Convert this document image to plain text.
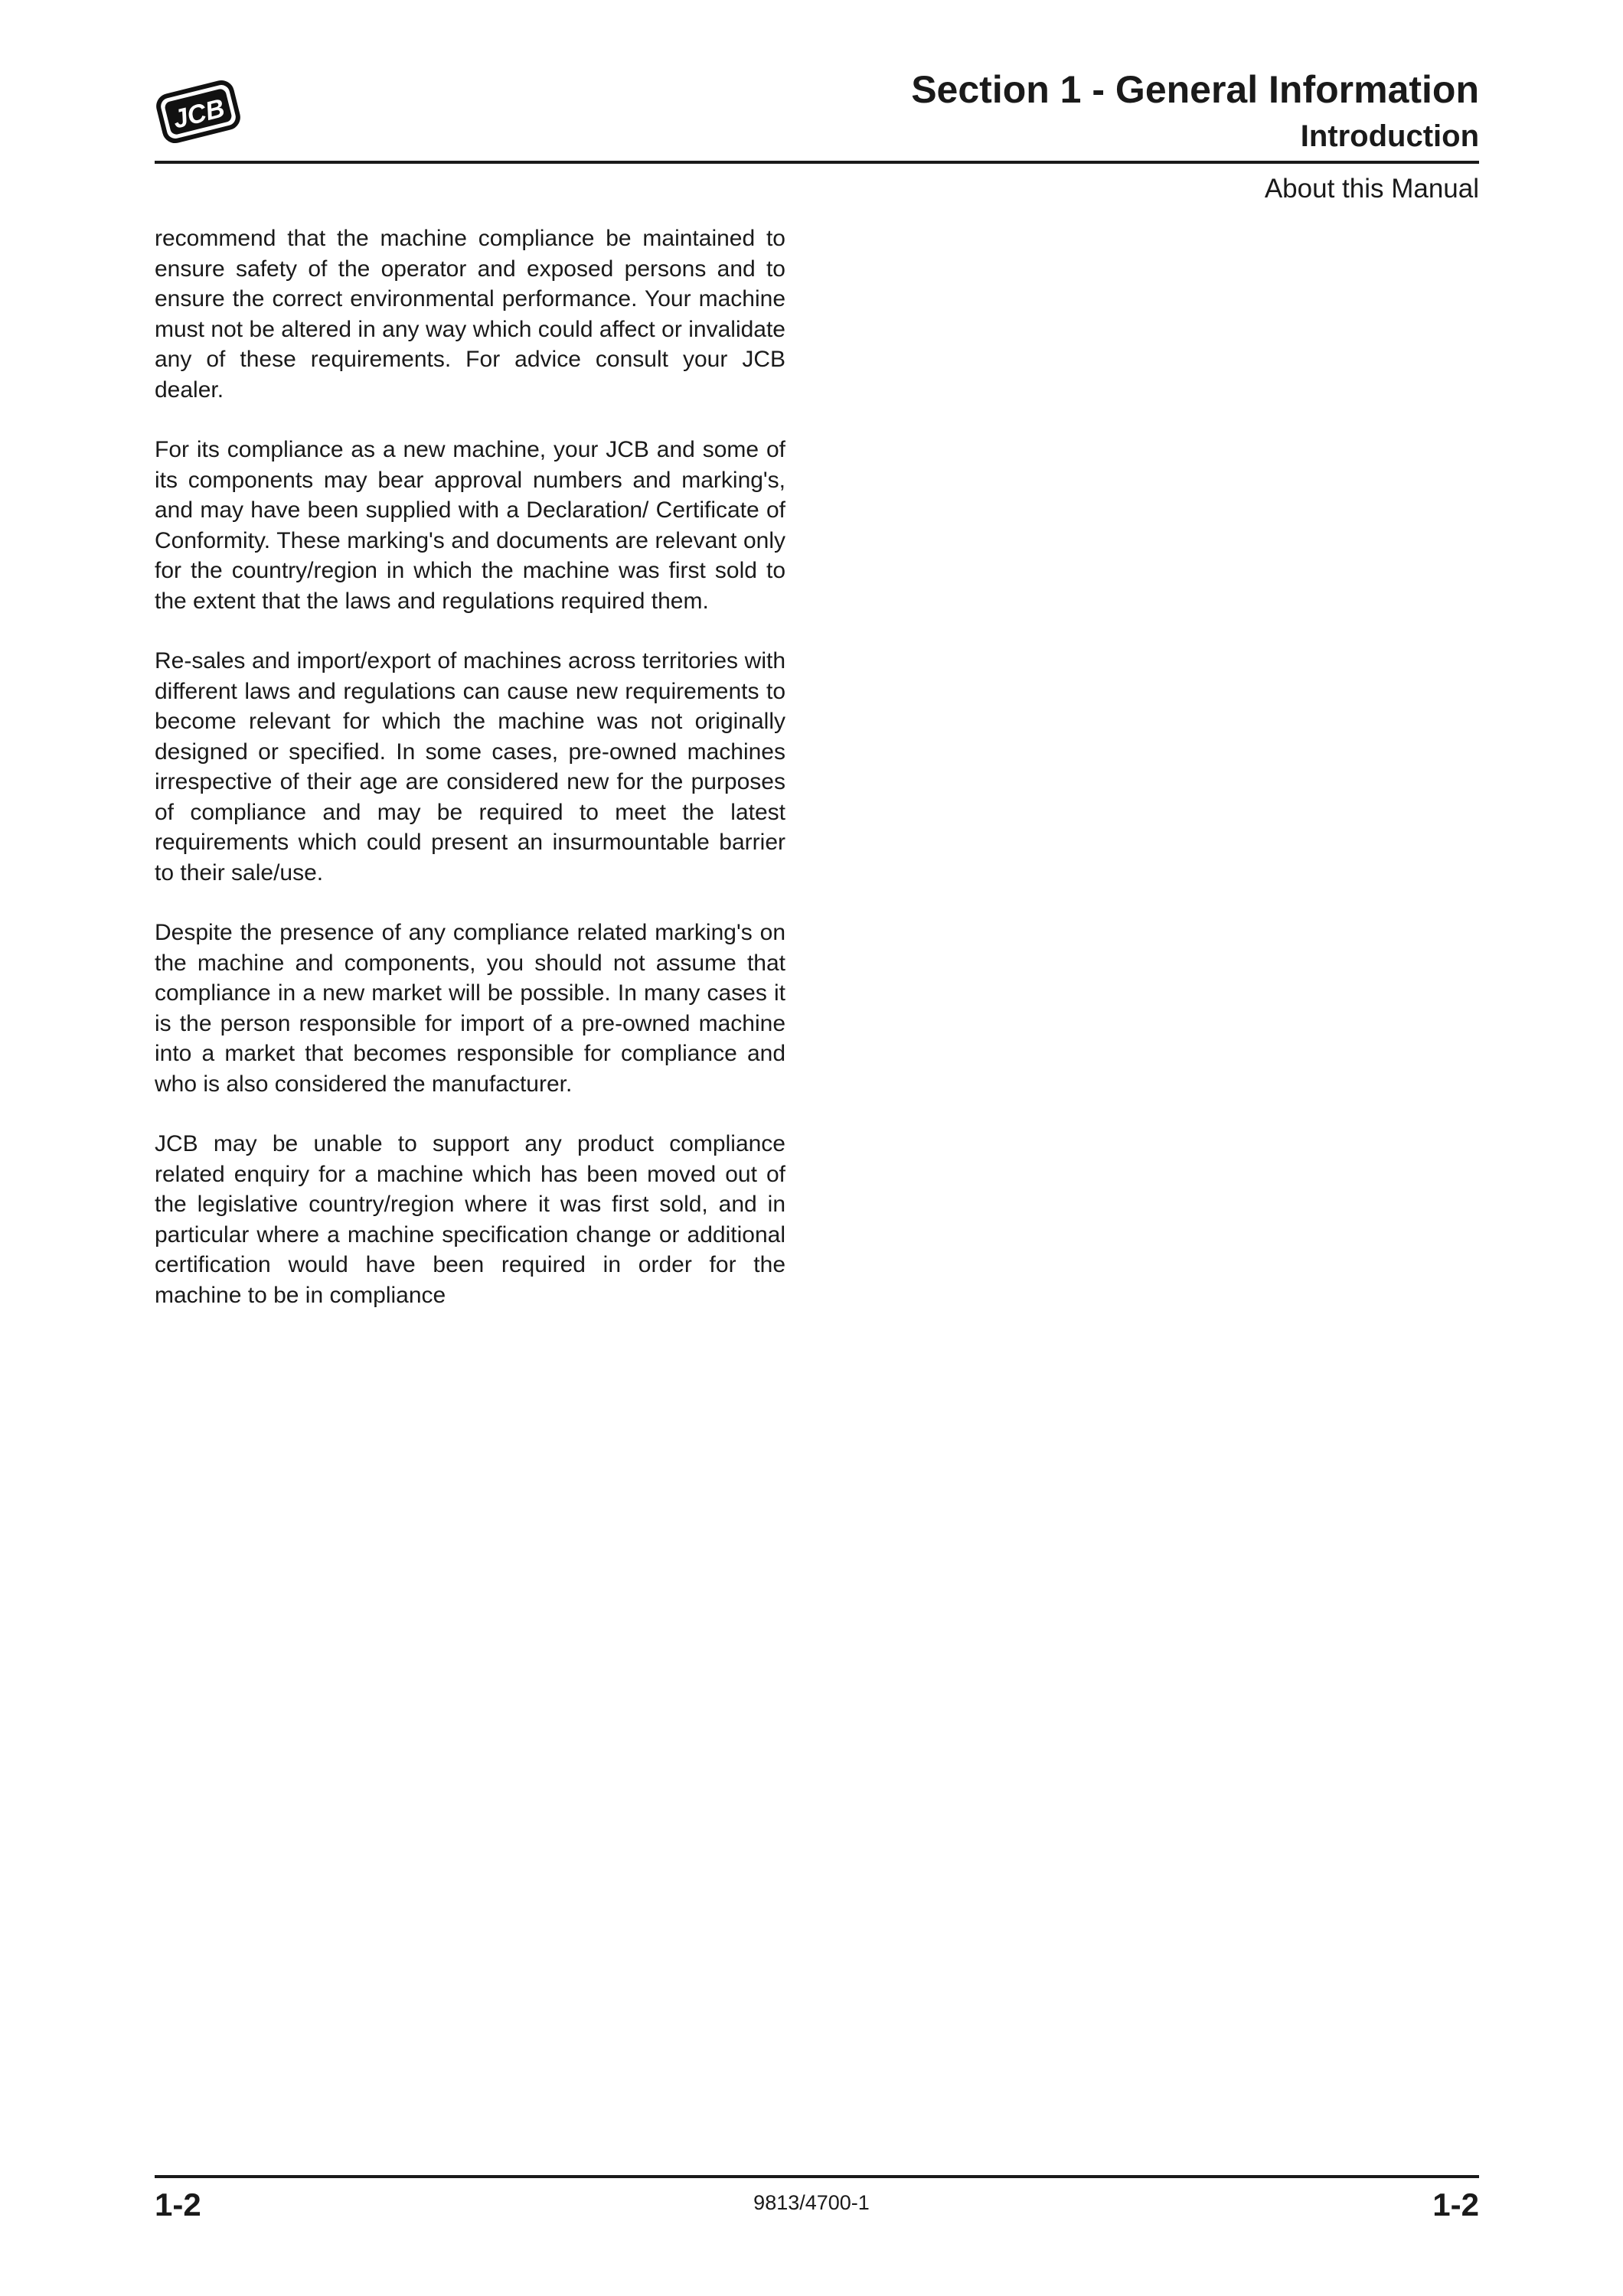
JCB
Section 1 - General Information
Introduction
About this Manual

recommend that the machine compliance be maintained to ensure safety of the operator and exposed persons and to ensure the correct environmental performance. Your machine must not be altered in any way which could affect or invalidate any of these requirements. For advice consult your JCB dealer.

For its compliance as a new machine, your JCB and some of its components may bear approval numbers and marking's, and may have been supplied with a Declaration/ Certificate of Conformity. These marking's and documents are relevant only for the country/region in which the machine was first sold to the extent that the laws and regulations required them.

Re-sales and import/export of machines across territories with different laws and regulations can cause new requirements to become relevant for which the machine was not originally designed or specified. In some cases, pre-owned machines irrespective of their age are considered new for the purposes of compliance and may be required to meet the latest requirements which could present an insurmountable barrier to their sale/use.

Despite the presence of any compliance related marking's on the machine and components, you should not assume that compliance in a new market will be possible. In many cases it is the person responsible for import of a pre-owned machine into a market that becomes responsible for compliance and who is also considered the manufacturer.

JCB may be unable to support any product compliance related enquiry for a machine which has been moved out of the legislative country/region where it was first sold, and in particular where a machine specification change or additional certification would have been required in order for the machine to be in compliance

1-2	9813/4700-1	1-2
